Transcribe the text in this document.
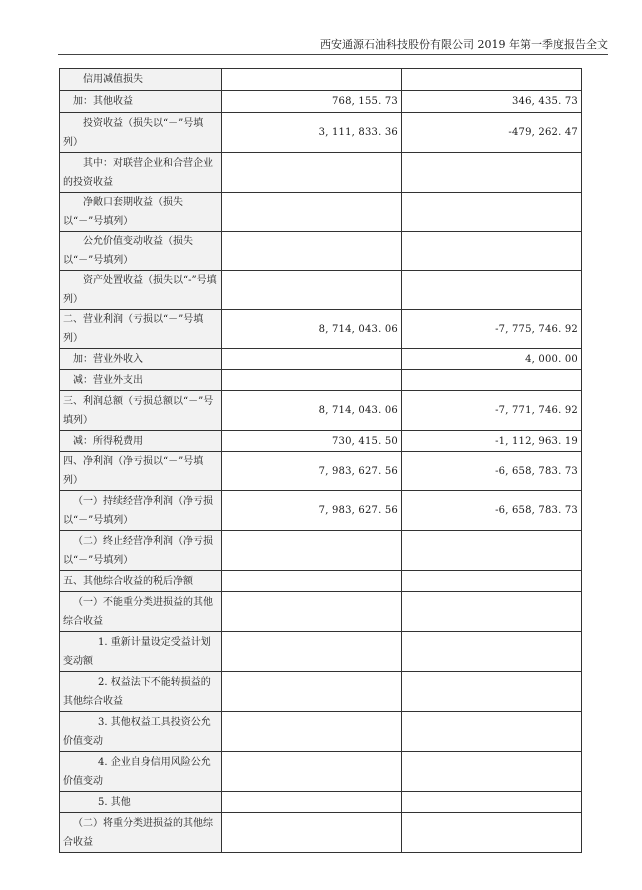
西安通源石油科技股份有限公司 2019 年第一季度报告全文
信用减值损失		
加：其他收益	768, 155. 73	346, 435. 73
投资收益（损失以“－”号填列）	3, 111, 833. 36	-479, 262. 47
其中：对联营企业和合营企业的投资收益		
净敞口套期收益（损失以“－”号填列）		
公允价值变动收益（损失以“－”号填列）		
资产处置收益（损失以“-”号填列）		
二、营业利润（亏损以“－”号填列）	8, 714, 043. 06	-7, 775, 746. 92
加：营业外收入		4, 000. 00
减：营业外支出		
三、利润总额（亏损总额以“－”号填列）	8, 714, 043. 06	-7, 771, 746. 92
减：所得税费用	730, 415. 50	-1, 112, 963. 19
四、净利润（净亏损以“－”号填列）	7, 983, 627. 56	-6, 658, 783. 73
（一）持续经营净利润（净亏损以“－”号填列）	7, 983, 627. 56	-6, 658, 783. 73
（二）终止经营净利润（净亏损以“－”号填列）		
五、其他综合收益的税后净额		
（一）不能重分类进损益的其他综合收益		
1. 重新计量设定受益计划变动额		
2. 权益法下不能转损益的其他综合收益		
3. 其他权益工具投资公允价值变动		
4. 企业自身信用风险公允价值变动		
5. 其他		
（二）将重分类进损益的其他综合收益		
